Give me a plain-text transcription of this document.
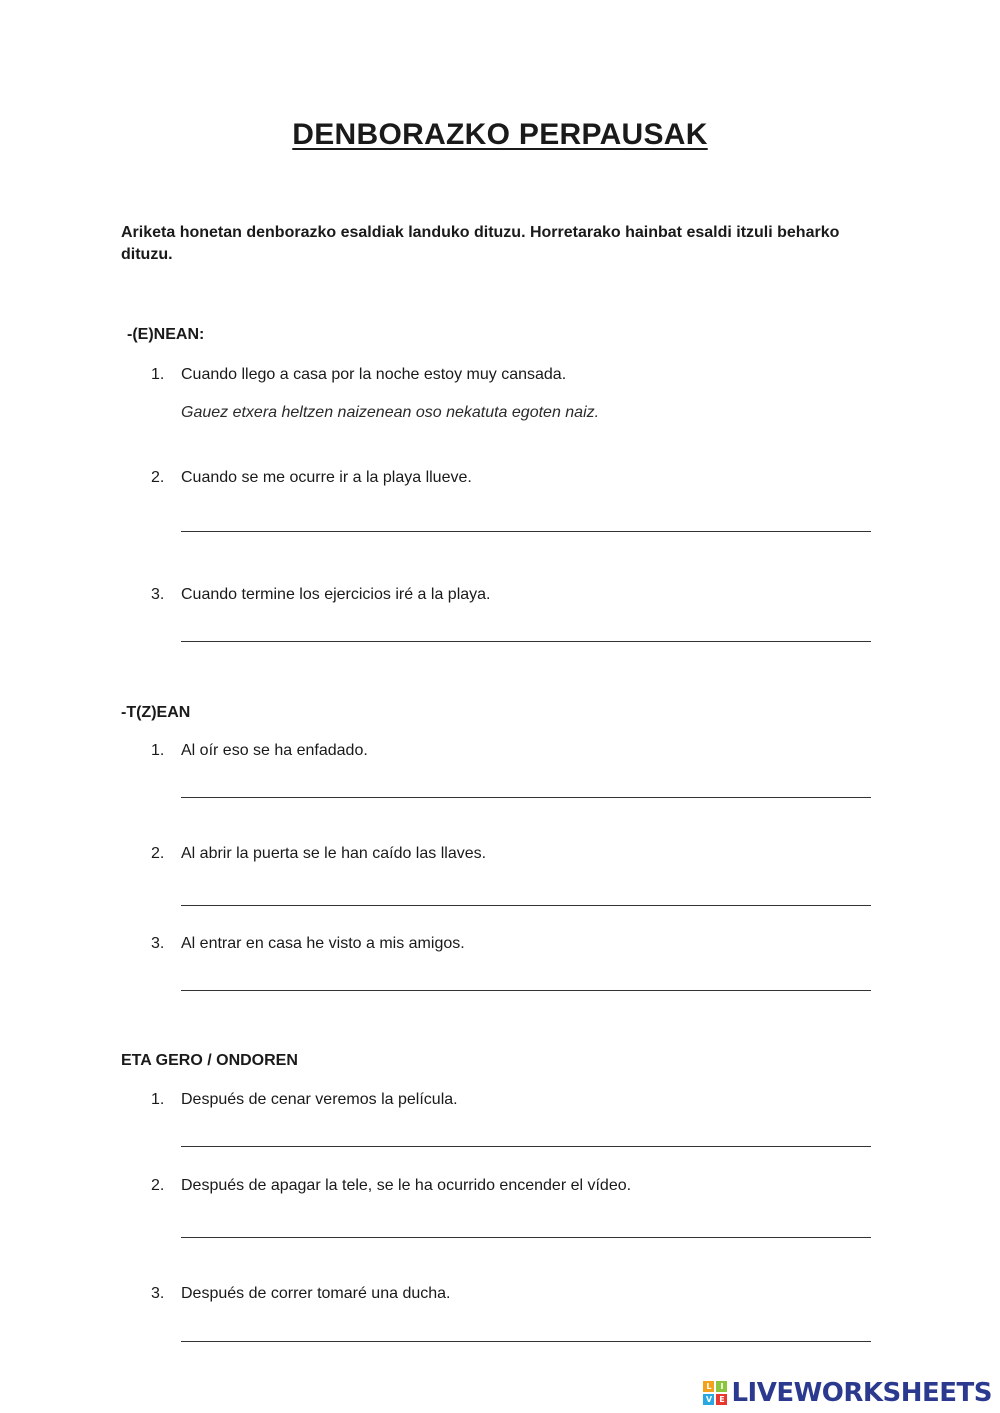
DENBORAZKO PERPAUSAK
Ariketa honetan denborazko esaldiak landuko dituzu. Horretarako hainbat esaldi itzuli beharko dituzu.
-(E)NEAN:
1. Cuando llego a casa por la noche estoy muy cansada.
Gauez etxera heltzen naizenean oso nekatuta egoten naiz.
2. Cuando se me ocurre ir a la playa llueve.
3. Cuando termine los ejercicios iré a la playa.
-T(Z)EAN
1. Al oír eso se ha enfadado.
2. Al abrir la puerta se le han caído las llaves.
3. Al entrar en casa he visto a mis amigos.
ETA GERO / ONDOREN
1. Después de cenar veremos la película.
2. Después de apagar la tele, se le ha ocurrido encender el vídeo.
3. Después de correr tomaré una ducha.
L	I
V E LIVEWORKSHEETS
